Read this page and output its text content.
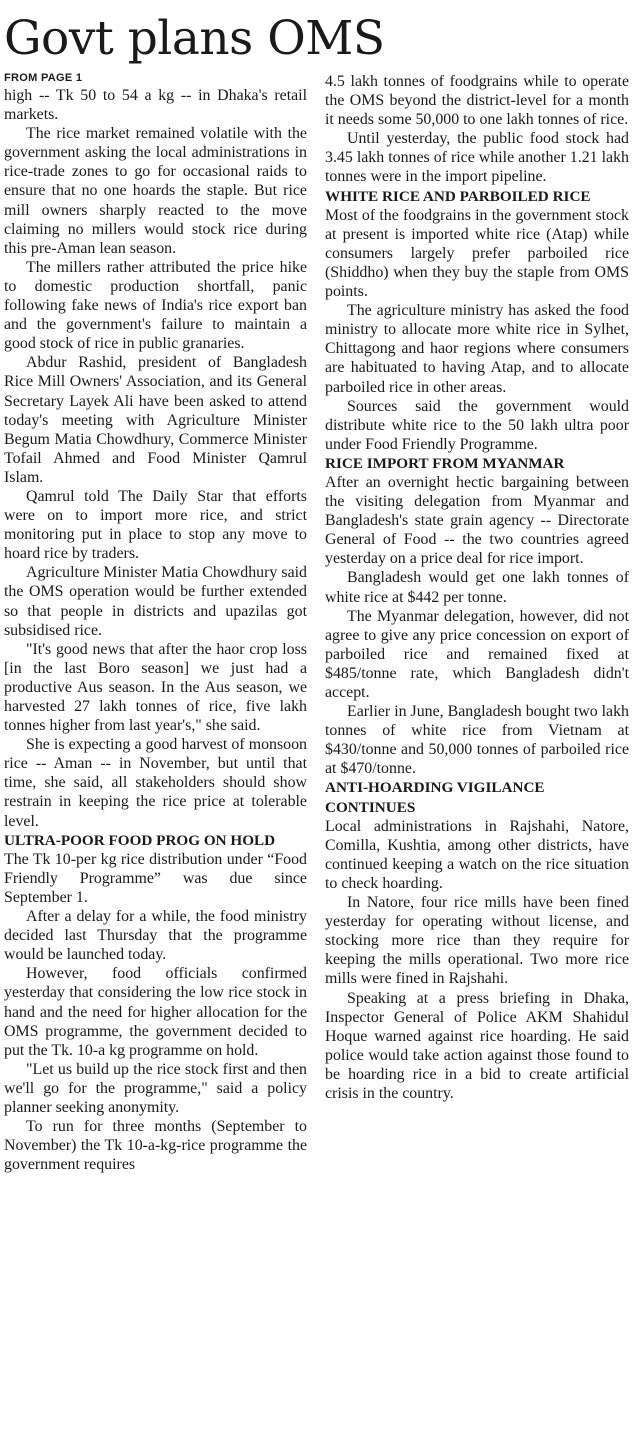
Govt plans OMS
FROM PAGE 1

high -- Tk 50 to 54 a kg -- in Dhaka's retail markets.

The rice market remained volatile with the government asking the local administrations in rice-trade zones to go for occasional raids to ensure that no one hoards the staple. But rice mill owners sharply reacted to the move claiming no millers would stock rice during this pre-Aman lean season.

The millers rather attributed the price hike to domestic production shortfall, panic following fake news of India's rice export ban and the government's failure to maintain a good stock of rice in public granaries.

Abdur Rashid, president of Bangladesh Rice Mill Owners' Association, and its General Secretary Layek Ali have been asked to attend today's meeting with Agriculture Minister Begum Matia Chowdhury, Commerce Minister Tofail Ahmed and Food Minister Qamrul Islam.

Qamrul told The Daily Star that efforts were on to import more rice, and strict monitoring put in place to stop any move to hoard rice by traders.

Agriculture Minister Matia Chowdhury said the OMS operation would be further extended so that people in districts and upazilas got subsidised rice.

"It's good news that after the haor crop loss [in the last Boro season] we just had a productive Aus season. In the Aus season, we harvested 27 lakh tonnes of rice, five lakh tonnes higher from last year's," she said.

She is expecting a good harvest of monsoon rice -- Aman -- in November, but until that time, she said, all stakeholders should show restrain in keeping the rice price at tolerable level.

ULTRA-POOR FOOD PROG ON HOLD

The Tk 10-per kg rice distribution under “Food Friendly Programme” was due since September 1.

After a delay for a while, the food ministry decided last Thursday that the programme would be launched today.

However, food officials confirmed yesterday that considering the low rice stock in hand and the need for higher allocation for the OMS programme, the government decided to put the Tk. 10-a kg programme on hold.

"Let us build up the rice stock first and then we'll go for the programme," said a policy planner seeking anonymity.

To run for three months (September to November) the Tk 10-a-kg-rice programme the government requires

4.5 lakh tonnes of foodgrains while to operate the OMS beyond the district-level for a month it needs some 50,000 to one lakh tonnes of rice.

Until yesterday, the public food stock had 3.45 lakh tonnes of rice while another 1.21 lakh tonnes were in the import pipeline.

WHITE RICE AND PARBOILED RICE

Most of the foodgrains in the government stock at present is imported white rice (Atap) while consumers largely prefer parboiled rice (Shiddho) when they buy the staple from OMS points.

The agriculture ministry has asked the food ministry to allocate more white rice in Sylhet, Chittagong and haor regions where consumers are habituated to having Atap, and to allocate parboiled rice in other areas.

Sources said the government would distribute white rice to the 50 lakh ultra poor under Food Friendly Programme.

RICE IMPORT FROM MYANMAR

After an overnight hectic bargaining between the visiting delegation from Myanmar and Bangladesh's state grain agency -- Directorate General of Food -- the two countries agreed yesterday on a price deal for rice import.

Bangladesh would get one lakh tonnes of white rice at $442 per tonne.

The Myanmar delegation, however, did not agree to give any price concession on export of parboiled rice and remained fixed at $485/tonne rate, which Bangladesh didn't accept.

Earlier in June, Bangladesh bought two lakh tonnes of white rice from Vietnam at $430/tonne and 50,000 tonnes of parboiled rice at $470/tonne.

ANTI-HOARDING VIGILANCE CONTINUES

Local administrations in Rajshahi, Natore, Comilla, Kushtia, among other districts, have continued keeping a watch on the rice situation to check hoarding.

In Natore, four rice mills have been fined yesterday for operating without license, and stocking more rice than they require for keeping the mills operational. Two more rice mills were fined in Rajshahi.

Speaking at a press briefing in Dhaka, Inspector General of Police AKM Shahidul Hoque warned against rice hoarding. He said police would take action against those found to be hoarding rice in a bid to create artificial crisis in the country.
